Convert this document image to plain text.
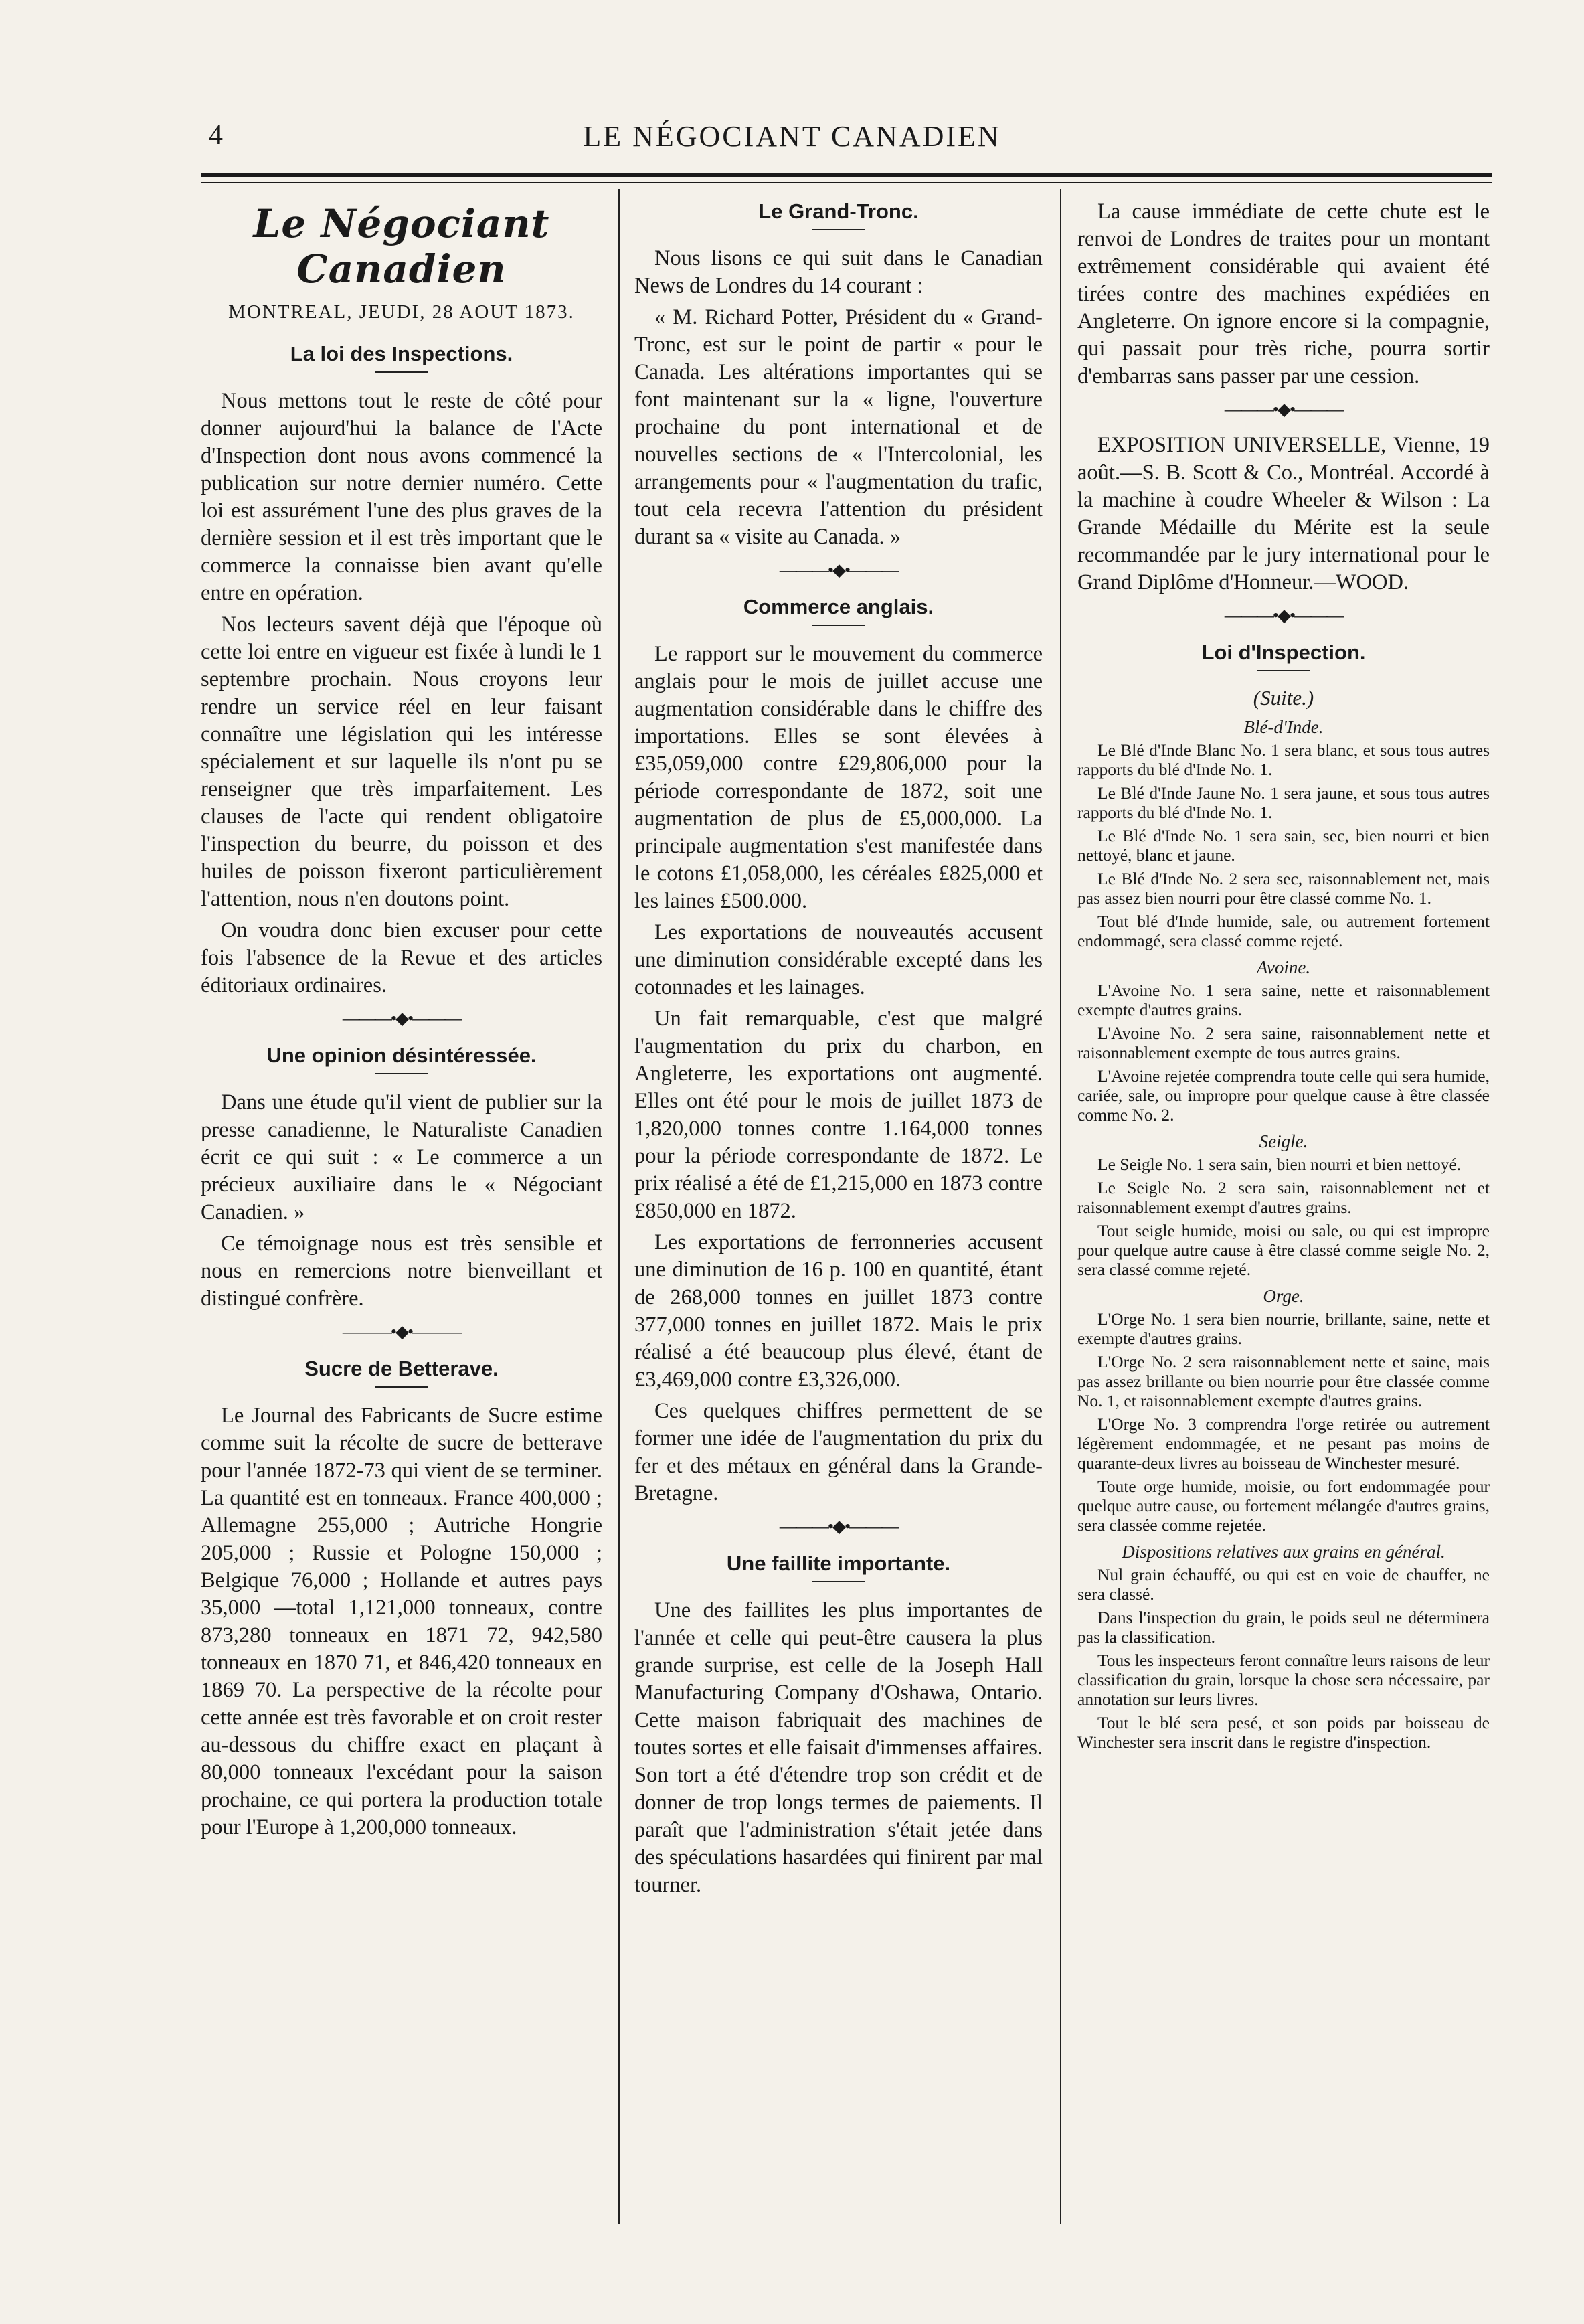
4	LE NÉGOCIANT CANADIEN
Le Négociant Canadien
MONTREAL, JEUDI, 28 AOUT 1873.
La loi des Inspections.

Nous mettons tout le reste de côté pour donner aujourd'hui la balance de l'Acte d'Inspection dont nous avons commencé la publication sur notre dernier numéro. Cette loi est assurément l'une des plus graves de la dernière session et il est très important que le commerce la connaisse bien avant qu'elle entre en opération.

Nos lecteurs savent déjà que l'époque où cette loi entre en vigueur est fixée à lundi le 1 septembre prochain. Nous croyons leur rendre un service réel en leur faisant connaître une législation qui les intéresse spécialement et sur laquelle ils n'ont pu se renseigner que très imparfaitement. Les clauses de l'acte qui rendent obligatoire l'inspection du beurre, du poisson et des huiles de poisson fixeront particulièrement l'attention, nous n'en doutons point.

On voudra donc bien excuser pour cette fois l'absence de la Revue et des articles éditoriaux ordinaires.

———•◆•———
Une opinion désintéressée.

Dans une étude qu'il vient de publier sur la presse canadienne, le Naturaliste Canadien écrit ce qui suit : « Le commerce a un précieux auxiliaire dans le « Négociant Canadien. »

Ce témoignage nous est très sensible et nous en remercions notre bienveillant et distingué confrère.

———•◆•———
Sucre de Betterave.

Le Journal des Fabricants de Sucre estime comme suit la récolte de sucre de betterave pour l'année 1872-73 qui vient de se terminer. La quantité est en tonneaux. France 400,000 ; Allemagne 255,000 ; Autriche Hongrie 205,000 ; Russie et Pologne 150,000 ; Belgique 76,000 ; Hollande et autres pays 35,000 —total 1,121,000 tonneaux, contre 873,280 tonneaux en 1871 72, 942,580 tonneaux en 1870 71, et 846,420 tonneaux en 1869 70. La perspective de la récolte pour cette année est très favorable et on croit rester au-dessous du chiffre exact en plaçant à 80,000 tonneaux l'excédant pour la saison prochaine, ce qui portera la production totale pour l'Europe à 1,200,000 tonneaux.

Le Grand-Tronc.

Nous lisons ce qui suit dans le Canadian News de Londres du 14 courant :

« M. Richard Potter, Président du « Grand-Tronc, est sur le point de partir « pour le Canada. Les altérations importantes qui se font maintenant sur la « ligne, l'ouverture prochaine du pont international et de nouvelles sections de « l'Intercolonial, les arrangements pour « l'augmentation du trafic, tout cela recevra l'attention du président durant sa « visite au Canada. »

———•◆•———
Commerce anglais.

Le rapport sur le mouvement du commerce anglais pour le mois de juillet accuse une augmentation considérable dans le chiffre des importations. Elles se sont élevées à £35,059,000 contre £29,806,000 pour la période correspondante de 1872, soit une augmentation de plus de £5,000,000. La principale augmentation s'est manifestée dans le cotons £1,058,000, les céréales £825,000 et les laines £500.000.

Les exportations de nouveautés accusent une diminution considérable excepté dans les cotonnades et les lainages.

Un fait remarquable, c'est que malgré l'augmentation du prix du charbon, en Angleterre, les exportations ont augmenté. Elles ont été pour le mois de juillet 1873 de 1,820,000 tonnes contre 1.164,000 tonnes pour la période correspondante de 1872. Le prix réalisé a été de £1,215,000 en 1873 contre £850,000 en 1872.

Les exportations de ferronneries accusent une diminution de 16 p. 100 en quantité, étant de 268,000 tonnes en juillet 1873 contre 377,000 tonnes en juillet 1872. Mais le prix réalisé a été beaucoup plus élevé, étant de £3,469,000 contre £3,326,000.

Ces quelques chiffres permettent de se former une idée de l'augmentation du prix du fer et des métaux en général dans la Grande-Bretagne.

———•◆•———
Une faillite importante.

Une des faillites les plus importantes de l'année et celle qui peut-être causera la plus grande surprise, est celle de la Joseph Hall Manufacturing Company d'Oshawa, Ontario. Cette maison fabriquait des machines de toutes sortes et elle faisait d'immenses affaires. Son tort a été d'étendre trop son crédit et de donner de trop longs termes de paiements. Il paraît que l'administration s'était jetée dans des spéculations hasardées qui finirent par mal tourner.

La cause immédiate de cette chute est le renvoi de Londres de traites pour un montant extrêmement considérable qui avaient été tirées contre des machines expédiées en Angleterre. On ignore encore si la compagnie, qui passait pour très riche, pourra sortir d'embarras sans passer par une cession.

———•◆•———

EXPOSITION UNIVERSELLE, Vienne, 19 août.—S. B. Scott & Co., Montréal. Accordé à la machine à coudre Wheeler & Wilson : La Grande Médaille du Mérite est la seule recommandée par le jury international pour le Grand Diplôme d'Honneur.—WOOD.

———•◆•———
Loi d'Inspection.
(Suite.)
Blé-d'Inde.

Le Blé d'Inde Blanc No. 1 sera blanc, et sous tous autres rapports du blé d'Inde No. 1.

Le Blé d'Inde Jaune No. 1 sera jaune, et sous tous autres rapports du blé d'Inde No. 1.

Le Blé d'Inde No. 1 sera sain, sec, bien nourri et bien nettoyé, blanc et jaune.

Le Blé d'Inde No. 2 sera sec, raisonnablement net, mais pas assez bien nourri pour être classé comme No. 1.

Tout blé d'Inde humide, sale, ou autrement fortement endommagé, sera classé comme rejeté.

Avoine.

L'Avoine No. 1 sera saine, nette et raisonnablement exempte d'autres grains.

L'Avoine No. 2 sera saine, raisonnablement nette et raisonnablement exempte de tous autres grains.

L'Avoine rejetée comprendra toute celle qui sera humide, cariée, sale, ou impropre pour quelque cause à être classée comme No. 2.

Seigle.

Le Seigle No. 1 sera sain, bien nourri et bien nettoyé.

Le Seigle No. 2 sera sain, raisonnablement net et raisonnablement exempt d'autres grains.

Tout seigle humide, moisi ou sale, ou qui est impropre pour quelque autre cause à être classé comme seigle No. 2, sera classé comme rejeté.

Orge.

L'Orge No. 1 sera bien nourrie, brillante, saine, nette et exempte d'autres grains.

L'Orge No. 2 sera raisonnablement nette et saine, mais pas assez brillante ou bien nourrie pour être classée comme No. 1, et raisonnablement exempte d'autres grains.

L'Orge No. 3 comprendra l'orge retirée ou autrement légèrement endommagée, et ne pesant pas moins de quarante-deux livres au boisseau de Winchester mesuré.

Toute orge humide, moisie, ou fort endommagée pour quelque autre cause, ou fortement mélangée d'autres grains, sera classée comme rejetée.

Dispositions relatives aux grains en général.

Nul grain échauffé, ou qui est en voie de chauffer, ne sera classé.

Dans l'inspection du grain, le poids seul ne déterminera pas la classification.

Tous les inspecteurs feront connaître leurs raisons de leur classification du grain, lorsque la chose sera nécessaire, par annotation sur leurs livres.

Tout le blé sera pesé, et son poids par boisseau de Winchester sera inscrit dans le registre d'inspection.
